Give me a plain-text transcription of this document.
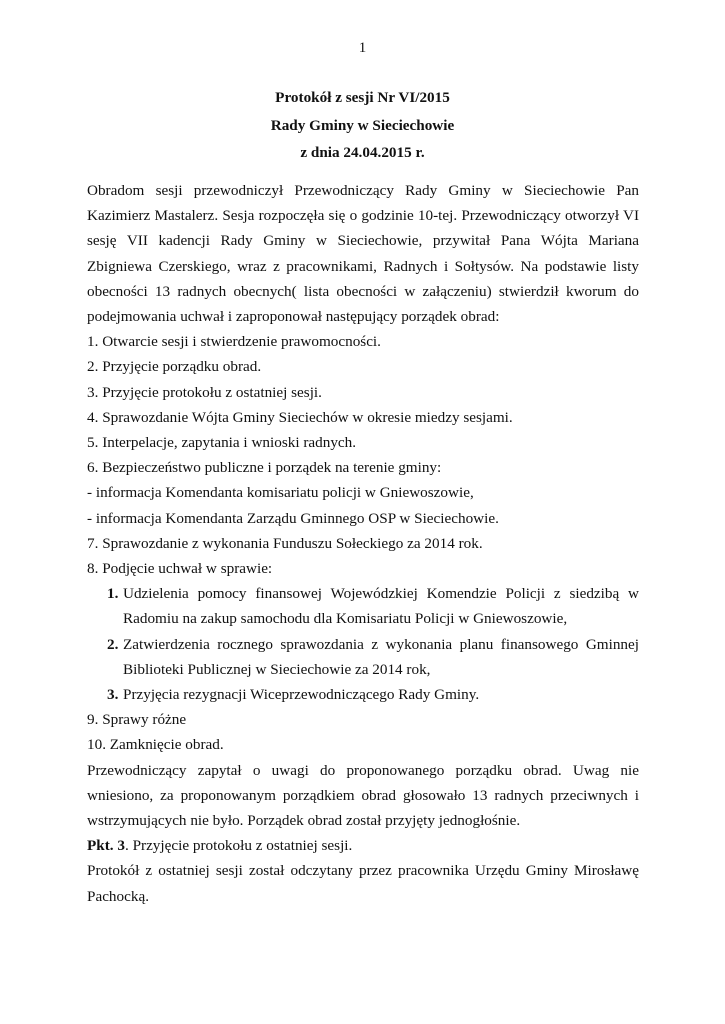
1
Protokół z sesji Nr VI/2015
Rady Gminy w Sieciechowie
z dnia 24.04.2015 r.

Obradom sesji przewodniczył Przewodniczący Rady Gminy w Sieciechowie Pan Kazimierz Mastalerz. Sesja rozpoczęła się o godzinie 10-tej. Przewodniczący otworzył VI sesję VII kadencji Rady Gminy w Sieciechowie, przywitał Pana Wójta Mariana Zbigniewa Czerskiego, wraz z pracownikami, Radnych i Sołtysów. Na podstawie listy obecności 13 radnych obecnych( lista obecności w załączeniu) stwierdził kworum do podejmowania uchwał i zaproponował następujący porządek obrad:

1. Otwarcie sesji i stwierdzenie prawomocności.

2. Przyjęcie porządku obrad.

3. Przyjęcie protokołu z ostatniej sesji.

4. Sprawozdanie Wójta Gminy Sieciechów w okresie miedzy sesjami.

5. Interpelacje, zapytania i wnioski radnych.

6. Bezpieczeństwo publiczne i porządek na terenie gminy:

- informacja Komendanta komisariatu policji w Gniewoszowie,

- informacja Komendanta Zarządu Gminnego OSP w Sieciechowie.

7. Sprawozdanie z wykonania Funduszu Sołeckiego za 2014 rok.

8. Podjęcie uchwał w sprawie:

1. Udzielenia pomocy finansowej Wojewódzkiej Komendzie Policji z siedzibą w Radomiu na zakup samochodu dla Komisariatu Policji w Gniewoszowie,
2. Zatwierdzenia rocznego sprawozdania z wykonania planu finansowego Gminnej Biblioteki Publicznej w Sieciechowie za 2014 rok,
3. Przyjęcia rezygnacji Wiceprzewodniczącego Rady Gminy.

9. Sprawy różne

10. Zamknięcie obrad.

Przewodniczący zapytał o uwagi do proponowanego porządku obrad. Uwag nie wniesiono, za proponowanym porządkiem obrad głosowało 13 radnych przeciwnych i wstrzymujących nie było. Porządek obrad został przyjęty jednogłośnie.

Pkt. 3. Przyjęcie protokołu z ostatniej sesji.

Protokół z ostatniej sesji został odczytany przez pracownika Urzędu Gminy Mirosławę Pachocką.
